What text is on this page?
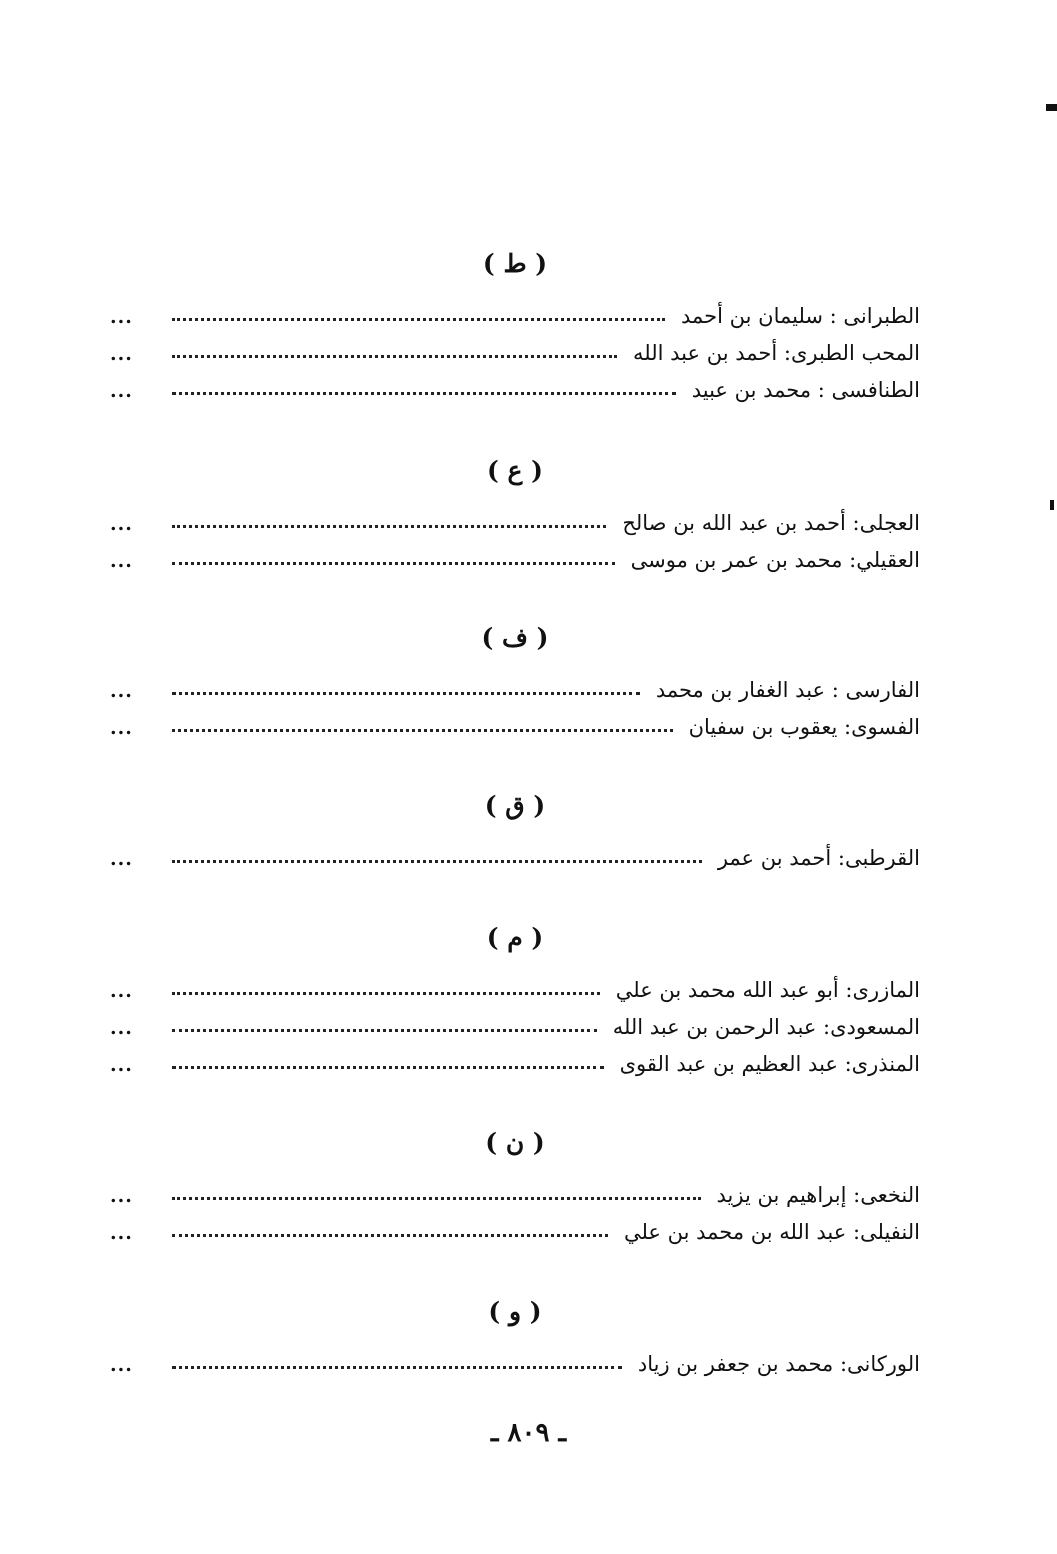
( ط )
الطبرانى : سليمان بن أحمد
...
المحب الطبرى: أحمد بن عبد الله
...
الطنافسى : محمد بن عبيد
...
( ع )
العجلى: أحمد بن عبد الله بن صالح
...
العقيلي: محمد بن عمر بن موسى
...
( ف )
الفارسى : عبد الغفار بن محمد
...
الفسوى: يعقوب بن سفيان
...
( ق )
القرطبى: أحمد بن عمر
...
( م )
المازرى: أبو عبد الله محمد بن علي
...
المسعودى: عبد الرحمن بن عبد الله
...
المنذرى: عبد العظيم بن عبد القوى
...
( ن )
النخعى: إبراهيم بن يزيد
...
النفيلى: عبد الله بن محمد بن علي
...
( و )
الوركانى: محمد بن جعفر بن زياد
...
ـ ٨٠٩ ـ
